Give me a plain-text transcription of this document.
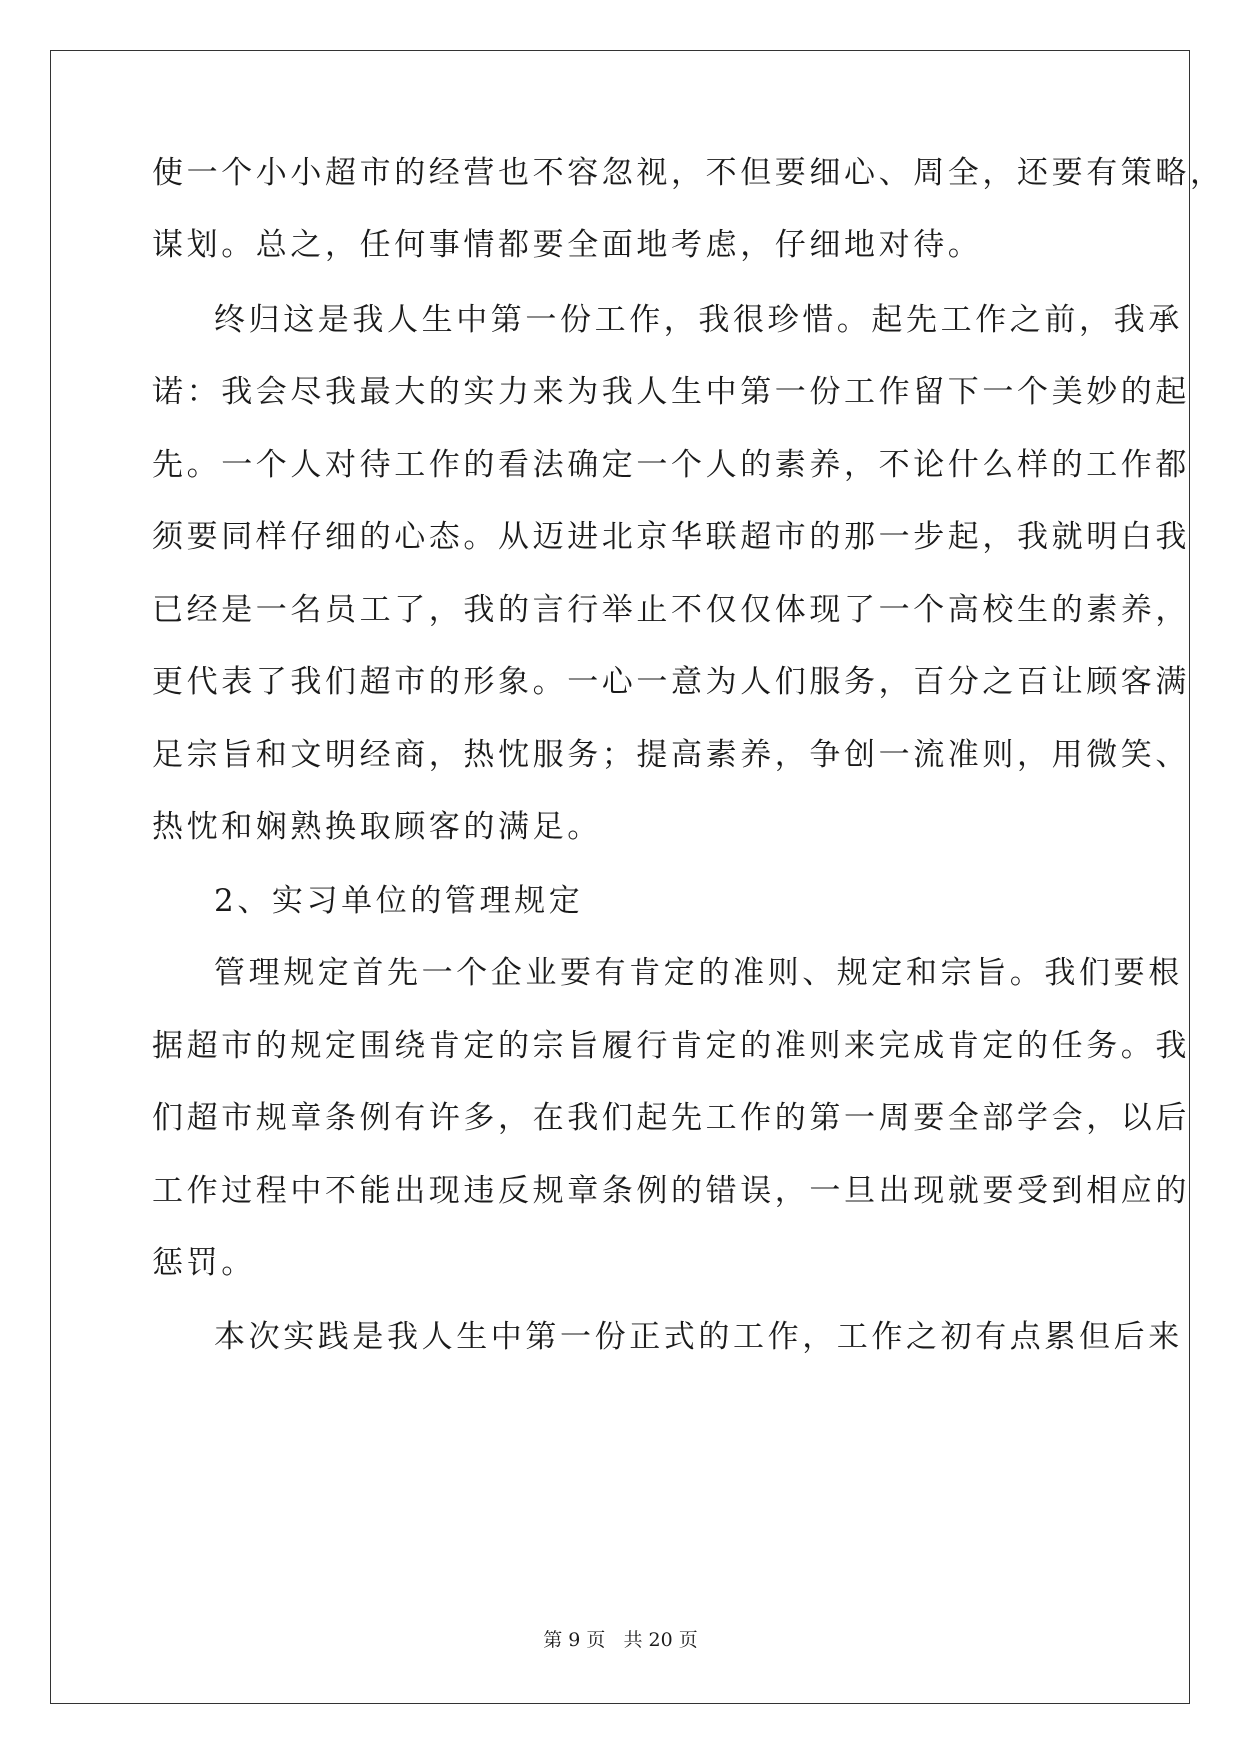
使一个小小超市的经营也不容忽视，不但要细心、周全，还要有策略，
谋划。总之，任何事情都要全面地考虑，仔细地对待。
终归这是我人生中第一份工作，我很珍惜。起先工作之前，我承
诺：我会尽我最大的实力来为我人生中第一份工作留下一个美妙的起
先。一个人对待工作的看法确定一个人的素养，不论什么样的工作都
须要同样仔细的心态。从迈进北京华联超市的那一步起，我就明白我
已经是一名员工了，我的言行举止不仅仅体现了一个高校生的素养，
更代表了我们超市的形象。一心一意为人们服务，百分之百让顾客满
足宗旨和文明经商，热忱服务；提高素养，争创一流准则，用微笑、
热忱和娴熟换取顾客的满足。
2、实习单位的管理规定
管理规定首先一个企业要有肯定的准则、规定和宗旨。我们要根
据超市的规定围绕肯定的宗旨履行肯定的准则来完成肯定的任务。我
们超市规章条例有许多，在我们起先工作的第一周要全部学会，以后
工作过程中不能出现违反规章条例的错误，一旦出现就要受到相应的
惩罚。
本次实践是我人生中第一份正式的工作，工作之初有点累但后来
第 9 页 共 20 页
